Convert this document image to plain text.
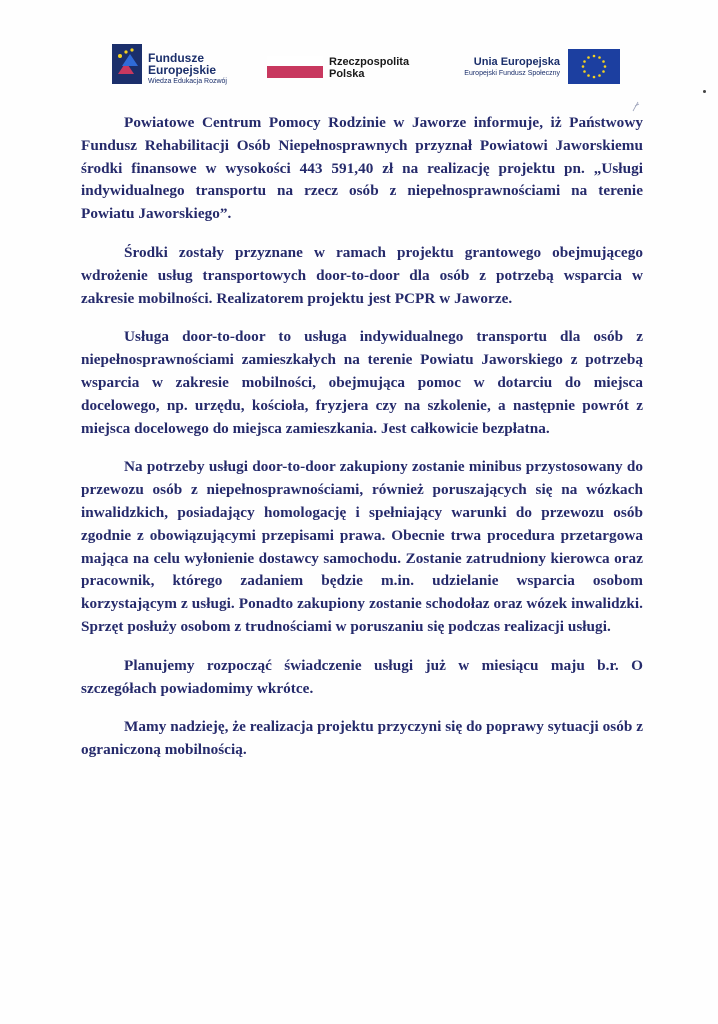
Fundusze
Europejskie
Wiedza Edukacja Rozwój
Rzeczpospolita
Polska
Unia Europejska
Europejski Fundusz Społeczny

Powiatowe Centrum Pomocy Rodzinie w Jaworze informuje, iż Państwowy Fundusz Rehabilitacji Osób Niepełnosprawnych przyznał Powiatowi Jaworskiemu środki finansowe w wysokości 443 591,40 zł na realizację projektu pn. „Usługi indywidualnego transportu na rzecz osób z niepełnosprawnościami na terenie Powiatu Jaworskiego”.

Środki zostały przyznane w ramach projektu grantowego obejmującego wdrożenie usług transportowych door-to-door dla osób z potrzebą wsparcia w zakresie mobilności. Realizatorem projektu jest PCPR w Jaworze.

Usługa door-to-door to usługa indywidualnego transportu dla osób z niepełnosprawnościami zamieszkałych na terenie Powiatu Jaworskiego z potrzebą wsparcia w zakresie mobilności, obejmująca pomoc w dotarciu do miejsca docelowego, np. urzędu, kościoła, fryzjera czy na szkolenie, a następnie powrót z miejsca docelowego do miejsca zamieszkania. Jest całkowicie bezpłatna.

Na potrzeby usługi door-to-door zakupiony zostanie minibus przystosowany do przewozu osób z niepełnosprawnościami, również poruszających się na wózkach inwalidzkich, posiadający homologację i spełniający warunki do przewozu osób zgodnie z obowiązującymi przepisami prawa. Obecnie trwa procedura przetargowa mająca na celu wyłonienie dostawcy samochodu. Zostanie zatrudniony kierowca oraz pracownik, którego zadaniem będzie m.in. udzielanie wsparcia osobom korzystającym z usługi. Ponadto zakupiony zostanie schodołaz oraz wózek inwalidzki. Sprzęt posłuży osobom z trudnościami w poruszaniu się podczas realizacji usługi.

Planujemy rozpocząć świadczenie usługi już w miesiącu maju b.r. O szczegółach powiadomimy wkrótce.

Mamy nadzieję, że realizacja projektu przyczyni się do poprawy sytuacji osób z ograniczoną mobilnością.
